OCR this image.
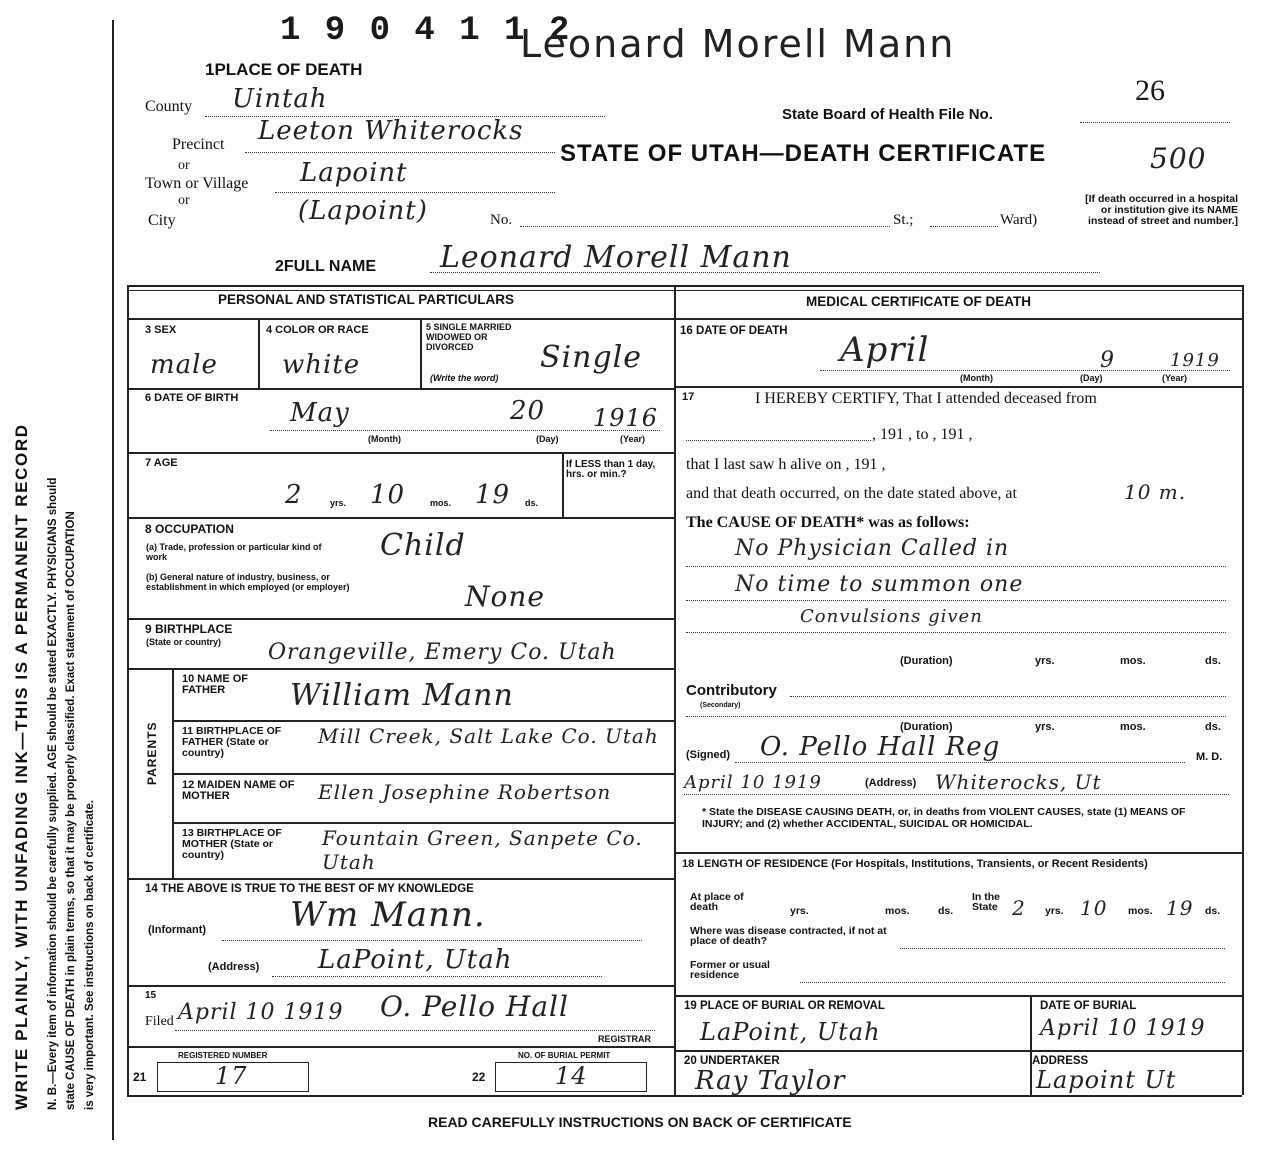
WRITE PLAINLY, WITH UNFADING INK—THIS IS A PERMANENT RECORD N. B.—Every item of information should be carefully supplied. AGE should be stated EXACTLY. PHYSICIANS should state CAUSE OF DEATH in plain terms, so that it may be properly classified. Exact statement of OCCUPATION is very important. See instructions on back of certificate.
1 9 0 4 1 1 2
Leonard Morell Mann
1PLACE OF DEATH
26
State Board of Health File No.
County Uintah
Precinct Leeton Whiterocks
STATE OF UTAH—DEATH CERTIFICATE	500
or
Town or Village Lapoint
or
City	(Lapoint)	No.	St.;	Ward)
[If death occurred in a hospital or institution give its NAME instead of street and number.]
2FULL NAME Leonard Morell Mann
PERSONAL AND STATISTICAL PARTICULARS
3 SEX
male
4 COLOR OR RACE
white
5 SINGLE MARRIED WIDOWED OR DIVORCED
(Write the word)
Single
6 DATE OF BIRTH May	20 1916
(Month)	(Day)	(Year)
7 AGE
2	yrs. 10	mos. 19 ds.
If LESS than 1 day, hrs. or min.?
8 OCCUPATION
(a) Trade, profession or particular kind of work	Child
(b) General nature of industry, business, or establishment in which employed (or employer)	None
9 BIRTHPLACE
(State or country) Orangeville, Emery Co. Utah
PARENTS
10 NAME OF FATHER	William Mann
11 BIRTHPLACE OF FATHER (State or country)
Mill Creek, Salt Lake Co. Utah
12 MAIDEN NAME OF MOTHER	Ellen Josephine Robertson
13 BIRTHPLACE OF MOTHER (State or country)
Fountain Green, Sanpete Co. Utah
14 THE ABOVE IS TRUE TO THE BEST OF MY KNOWLEDGE
(Informant) Wm Mann.
(Address) LaPoint, Utah
15
Filed April 10 1919 O. Pello Hall
REGISTRAR
REGISTERED NUMBER
21	17
NO. OF BURIAL PERMIT
22	14
MEDICAL CERTIFICATE OF DEATH
16 DATE OF DEATH April	9	1919
(Month)	(Day)	(Year)
17	I HEREBY CERTIFY, That I attended deceased from
, 191 , to , 191 ,
that I last saw h alive on , 191 ,
and that death occurred, on the date stated above, at	10 m.
The CAUSE OF DEATH* was as follows:
No Physician Called in
No time to summon one
Convulsions given
(Duration)	yrs.	mos.	ds.
Contributory
(Secondary)
(Duration)	yrs.	mos.	ds.
(Signed) O. Pello Hall Reg	M. D.
April 10 1919	(Address) Whiterocks, Ut
* State the DISEASE CAUSING DEATH, or, in deaths from VIOLENT CAUSES, state (1) MEANS OF INJURY; and (2) whether ACCIDENTAL, SUICIDAL OR HOMICIDAL.
18 LENGTH OF RESIDENCE (For Hospitals, Institutions, Transients, or Recent Residents)
At place of death	yrs.	mos.	ds.
In the State 2 yrs. 10 mos. 19 ds.
Where was disease contracted, if not at place of death?
Former or usual residence
19 PLACE OF BURIAL OR REMOVAL
LaPoint, Utah
DATE OF BURIAL
April 10 1919
20 UNDERTAKER
Ray Taylor
ADDRESS
Lapoint Ut
READ CAREFULLY INSTRUCTIONS ON BACK OF CERTIFICATE
